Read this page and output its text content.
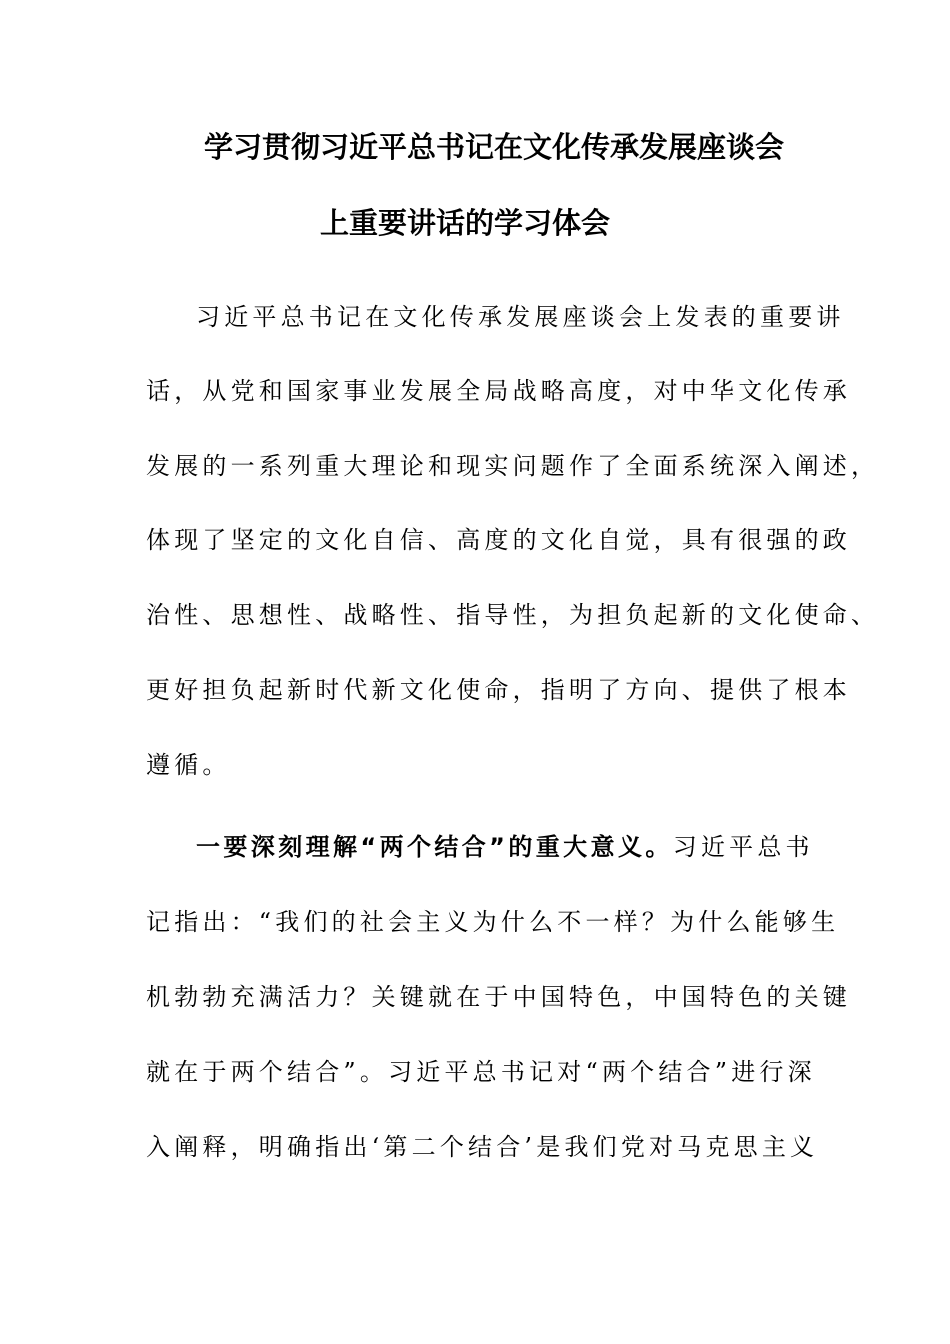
学习贯彻习近平总书记在文化传承发展座谈会
上重要讲话的学习体会
习近平总书记在文化传承发展座谈会上发表的重要讲
话，从党和国家事业发展全局战略高度，对中华文化传承
发展的一系列重大理论和现实问题作了全面系统深入阐述，
体现了坚定的文化自信、高度的文化自觉，具有很强的政
治性、思想性、战略性、指导性，为担负起新的文化使命、
更好担负起新时代新文化使命，指明了方向、提供了根本
遵循。
一要深刻理解“两个结合”的重大意义。习近平总书
记指出：“我们的社会主义为什么不一样？为什么能够生
机勃勃充满活力？关键就在于中国特色，中国特色的关键
就在于两个结合”。习近平总书记对“两个结合”进行深
入阐释，明确指出‘第二个结合’是我们党对马克思主义
